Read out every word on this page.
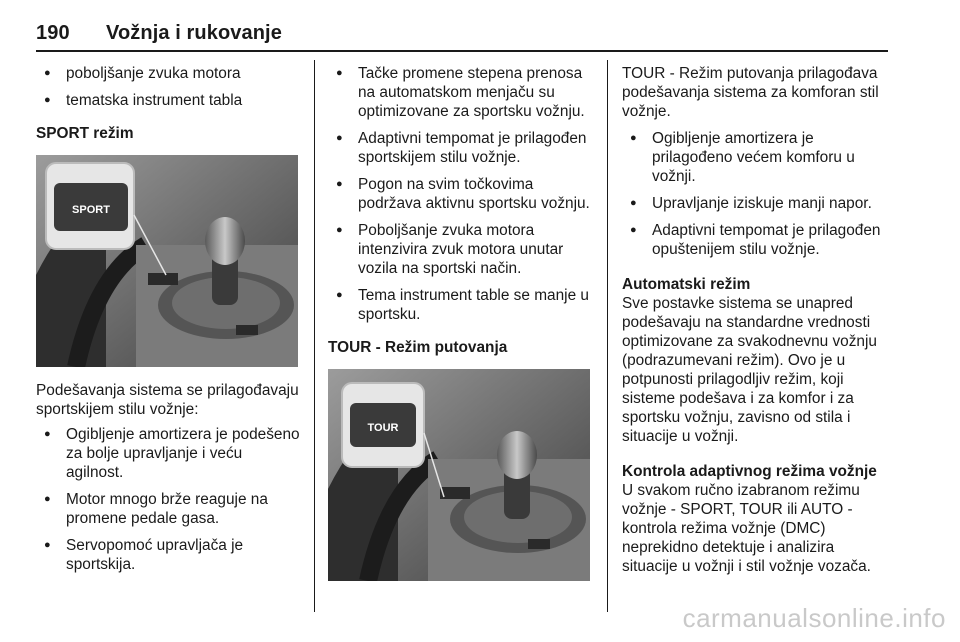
190 Vožnja i rukovanje
● poboljšanje zvuka motora
● tematska instrument tabla

SPORT režim

SPORT

Podešavanja sistema se prilagođavaju sportskijem stilu vožnje:

● Ogibljenje amortizera je podešeno za bolje upravljanje i veću agilnost.
● Motor mnogo brže reaguje na promene pedale gasa.
● Servopomoć upravljača je sportskija.
● Tačke promene stepena prenosa na automatskom menjaču su optimizovane za sportsku vožnju.
● Adaptivni tempomat je prilagođen sportskijem stilu vožnje.
● Pogon na svim točkovima podržava aktivnu sportsku vožnju.
● Poboljšanje zvuka motora intenzivira zvuk motora unutar vozila na sportski način.
● Tema instrument table se manje u sportsku.

TOUR - Režim putovanja

TOUR

TOUR - Režim putovanja prilagođava podešavanja sistema za komforan stil vožnje.

● Ogibljenje amortizera je prilagođeno većem komforu u vožnji.
● Upravljanje iziskuje manji napor.
● Adaptivni tempomat je prilagođen opuštenijem stilu vožnje.

Automatski režim

Sve postavke sistema se unapred podešavaju na standardne vrednosti optimizovane za svakodnevnu vožnju (podrazumevani režim). Ovo je u potpunosti prilagodljiv režim, koji sisteme podešava i za komfor i za sportsku vožnju, zavisno od stila i situacije u vožnji.

Kontrola adaptivnog režima vožnje

U svakom ručno izabranom režimu vožnje - SPORT, TOUR ili AUTO - kontrola režima vožnje (DMC) neprekidno detektuje i analizira situacije u vožnji i stil vožnje vozača.

carmanualsonline.info
